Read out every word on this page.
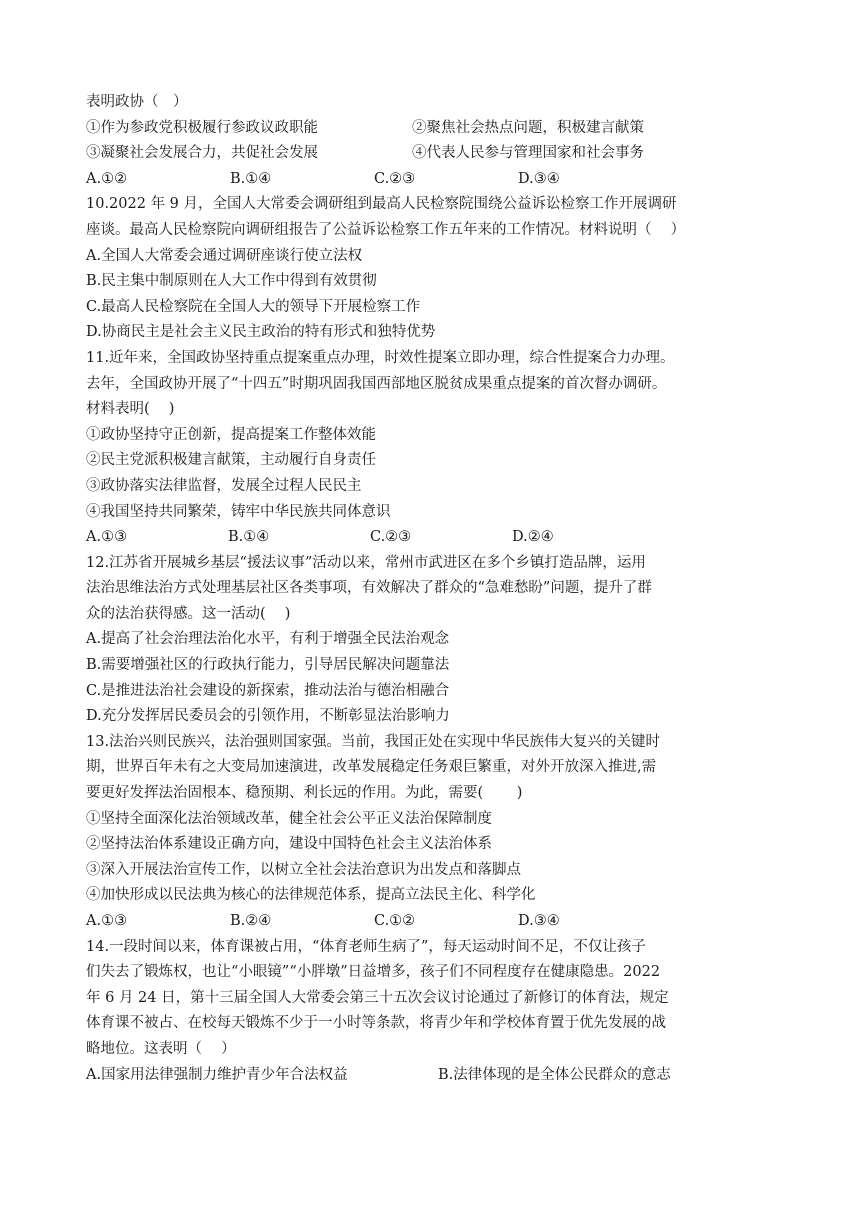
表明政协（　）
①作为参政党积极履行参政议政职能	②聚焦社会热点问题，积极建言献策
③凝聚社会发展合力，共促社会发展	④代表人民参与管理国家和社会事务
A.①②	B.①④	C.②③	D.③④
10.2022 年 9 月，全国人大常委会调研组到最高人民检察院围绕公益诉讼检察工作开展调研
座谈。最高人民检察院向调研组报告了公益诉讼检察工作五年来的工作情况。材料说明（　 ）
A.全国人大常委会通过调研座谈行使立法权
B.民主集中制原则在人大工作中得到有效贯彻
C.最高人民检察院在全国人大的领导下开展检察工作
D.协商民主是社会主义民主政治的特有形式和独特优势
11.近年来，全国政协坚持重点提案重点办理，时效性提案立即办理，综合性提案合力办理。
去年，全国政协开展了“十四五”时期巩固我国西部地区脱贫成果重点提案的首次督办调研。
材料表明(　 )
①政协坚持守正创新，提高提案工作整体效能
②民主党派积极建言献策，主动履行自身责任
③政协落实法律监督，发展全过程人民民主
④我国坚持共同繁荣，铸牢中华民族共同体意识
A.①③	B.①④	C.②③	D.②④
12.江苏省开展城乡基层“援法议事”活动以来，常州市武进区在多个乡镇打造品牌，运用
法治思维法治方式处理基层社区各类事项，有效解决了群众的“急难愁盼”问题，提升了群
众的法治获得感。这一活动(　 )
A.提高了社会治理法治化水平，有利于增强全民法治观念
B.需要增强社区的行政执行能力，引导居民解决问题靠法
C.是推进法治社会建设的新探索，推动法治与德治相融合
D.充分发挥居民委员会的引领作用，不断彰显法治影响力
13.法治兴则民族兴，法治强则国家强。当前，我国正处在实现中华民族伟大复兴的关键时
期，世界百年未有之大变局加速演进，改革发展稳定任务艰巨繁重，对外开放深入推进,需
要更好发挥法治固根本、稳预期、利长远的作用。为此，需要(　 　)
①坚持全面深化法治领域改革，健全社会公平正义法治保障制度
②坚持法治体系建设正确方向，建设中国特色社会主义法治体系
③深入开展法治宣传工作，以树立全社会法治意识为出发点和落脚点
④加快形成以民法典为核心的法律规范体系，提高立法民主化、科学化
A.①③	B.②④	C.①②	D.③④
14.一段时间以来，体育课被占用，“体育老师生病了”，每天运动时间不足，不仅让孩子
们失去了锻炼权，也让“小眼镜”“小胖墩”日益增多，孩子们不同程度存在健康隐患。2022
年 6 月 24 日，第十三届全国人大常委会第三十五次会议讨论通过了新修订的体育法，规定
体育课不被占、在校每天锻炼不少于一小时等条款，将青少年和学校体育置于优先发展的战
略地位。这表明（　 ）
A.国家用法律强制力维护青少年合法权益	B.法律体现的是全体公民群众的意志
